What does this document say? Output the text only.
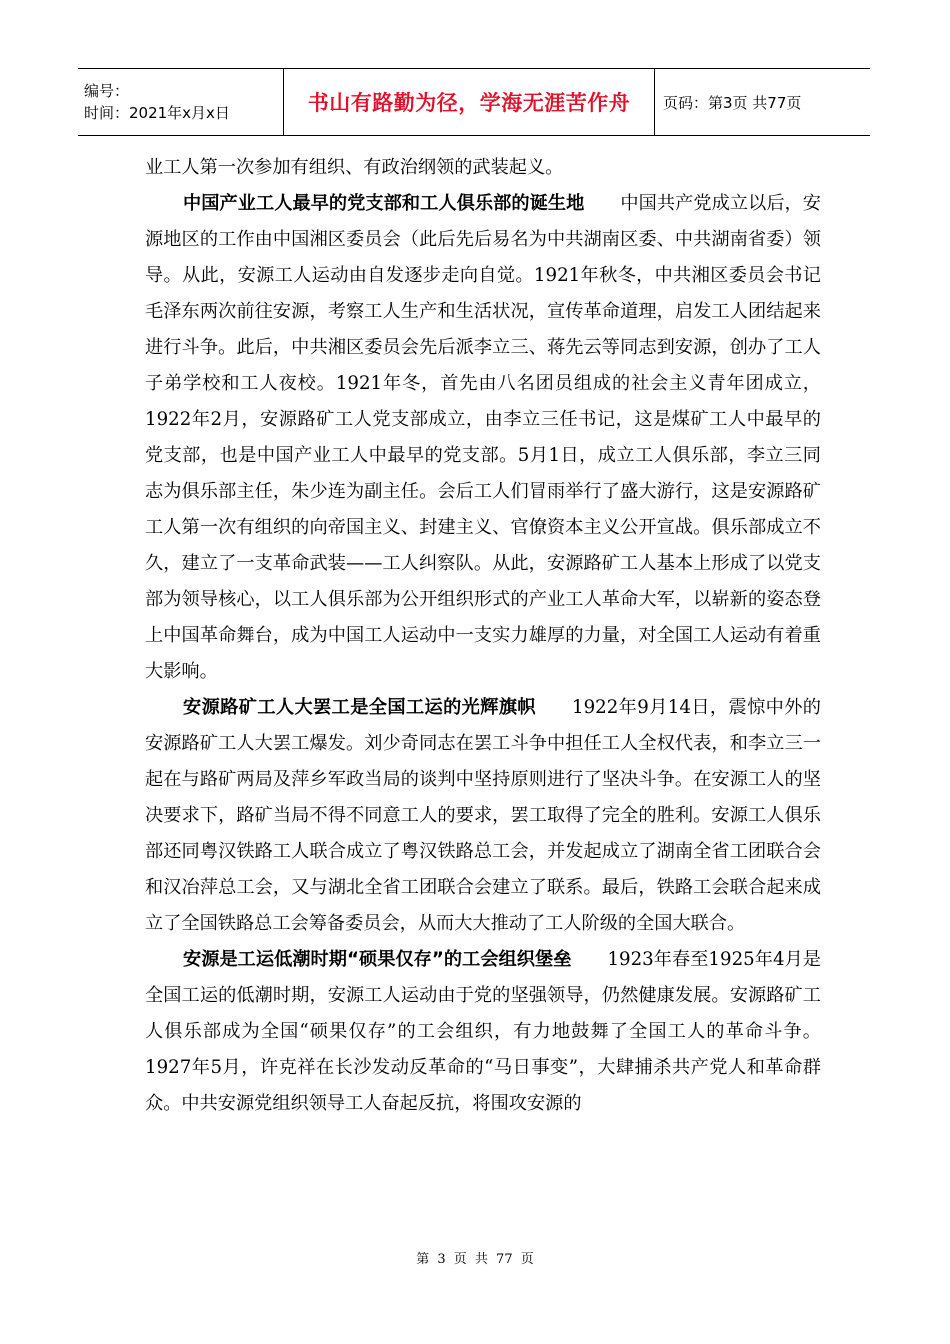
编号：
时间：2021年x月x日	书山有路勤为径，学海无涯苦作舟 页码：第3页 共77页

业工人第一次参加有组织、有政治纲领的武装起义。

中国产业工人最早的党支部和工人俱乐部的诞生地 中国共产党成立以后，安源地区的工作由中国湘区委员会（此后先后易名为中共湖南区委、中共湖南省委）领导。从此，安源工人运动由自发逐步走向自觉。1921年秋冬，中共湘区委员会书记毛泽东两次前往安源，考察工人生产和生活状况，宣传革命道理，启发工人团结起来进行斗争。此后，中共湘区委员会先后派李立三、蒋先云等同志到安源，创办了工人子弟学校和工人夜校。1921年冬，首先由八名团员组成的社会主义青年团成立， 1922年2月，安源路矿工人党支部成立，由李立三任书记，这是煤矿工人中最早的党支部，也是中国产业工人中最早的党支部。5月1日，成立工人俱乐部，李立三同志为俱乐部主任，朱少连为副主任。会后工人们冒雨举行了盛大游行，这是安源路矿工人第一次有组织的向帝国主义、封建主义、官僚资本主义公开宣战。俱乐部成立不久，建立了一支革命武装——工人纠察队。从此，安源路矿工人基本上形成了以党支部为领导核心，以工人俱乐部为公开组织形式的产业工人革命大军，以崭新的姿态登上中国革命舞台，成为中国工人运动中一支实力雄厚的力量，对全国工人运动有着重大影响。

安源路矿工人大罢工是全国工运的光辉旗帜 1922年9月14日，震惊中外的安源路矿工人大罢工爆发。刘少奇同志在罢工斗争中担任工人全权代表，和李立三一起在与路矿两局及萍乡军政当局的谈判中坚持原则进行了坚决斗争。在安源工人的坚决要求下，路矿当局不得不同意工人的要求，罢工取得了完全的胜利。安源工人俱乐部还同粤汉铁路工人联合成立了粤汉铁路总工会，并发起成立了湖南全省工团联合会和汉冶萍总工会，又与湖北全省工团联合会建立了联系。最后，铁路工会联合起来成立了全国铁路总工会筹备委员会，从而大大推动了工人阶级的全国大联合。

安源是工运低潮时期“硕果仅存”的工会组织堡垒 1923年春至1925年4月是全国工运的低潮时期，安源工人运动由于党的坚强领导，仍然健康发展。安源路矿工人俱乐部成为全国“硕果仅存”的工会组织，有力地鼓舞了全国工人的革命斗争。1927年5月，许克祥在长沙发动反革命的“马日事变”，大肆捕杀共产党人和革命群众。中共安源党组织领导工人奋起反抗，将围攻安源的

第 3 页 共 77 页
